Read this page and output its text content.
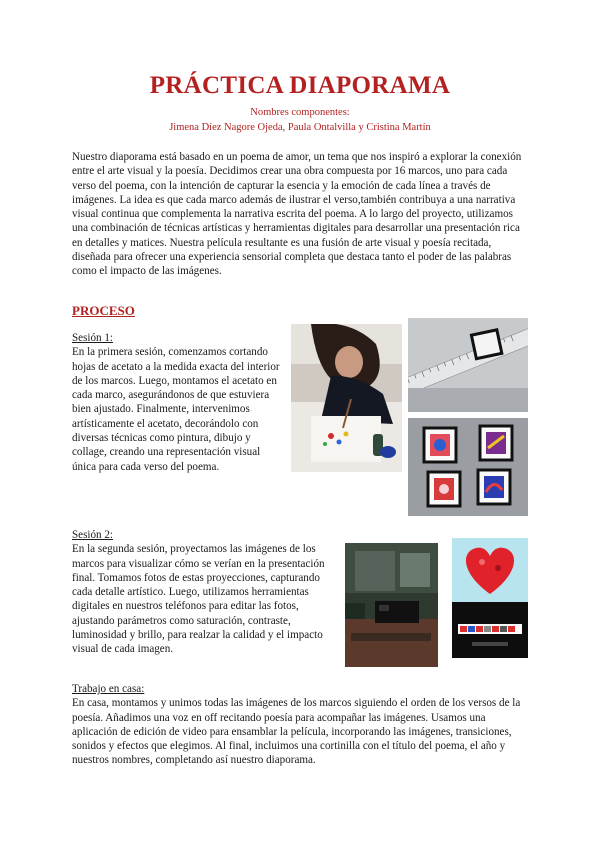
PRÁCTICA DIAPORAMA
Nombres componentes:
Jimena Díez Nagore Ojeda, Paula Ontalvilla y Cristina Martín
Nuestro diaporama está basado en un poema de amor, un tema que nos inspiró a explorar la conexión entre el arte visual y la poesía. Decidimos crear una obra compuesta por 16 marcos, uno para cada verso del poema, con la intención de capturar la esencia y la emoción de cada línea a través de imágenes. La idea es que cada marco además de ilustrar el verso,también contribuya a una narrativa visual continua que complementa la narrativa escrita del poema. A lo largo del proyecto, utilizamos una combinación de técnicas artísticas y herramientas digitales para desarrollar una presentación rica en detalles y matices. Nuestra película resultante es una fusión de arte visual y poesía recitada, diseñada para ofrecer una experiencia sensorial completa que destaca tanto el poder de las palabras como el impacto de las imágenes.
PROCESO
Sesión 1:
En la primera sesión, comenzamos cortando hojas de acetato a la medida exacta del interior de los marcos. Luego, montamos el acetato en cada marco, asegurándonos de que estuviera bien ajustado. Finalmente, intervenimos artísticamente el acetato, decorándolo con diversas técnicas como pintura, dibujo y collage, creando una representación visual única para cada verso del poema.
Sesión 2:
En la segunda sesión, proyectamos las imágenes de los marcos para visualizar cómo se verían en la presentación final. Tomamos fotos de estas proyecciones, capturando cada detalle artístico. Luego, utilizamos herramientas digitales en nuestros teléfonos para editar las fotos, ajustando parámetros como saturación, contraste, luminosidad y brillo, para realzar la calidad y el impacto visual de cada imagen.
Trabajo en casa:
En casa, montamos y unimos todas las imágenes de los marcos siguiendo el orden de los versos de la poesía. Añadimos una voz en off recitando poesía para acompañar las imágenes. Usamos una aplicación de edición de video para ensamblar la película, incorporando las imágenes, transiciones, sonidos y efectos que elegimos. Al final, incluimos una cortinilla con el título del poema, el año y nuestros nombres, completando así nuestro diaporama.
